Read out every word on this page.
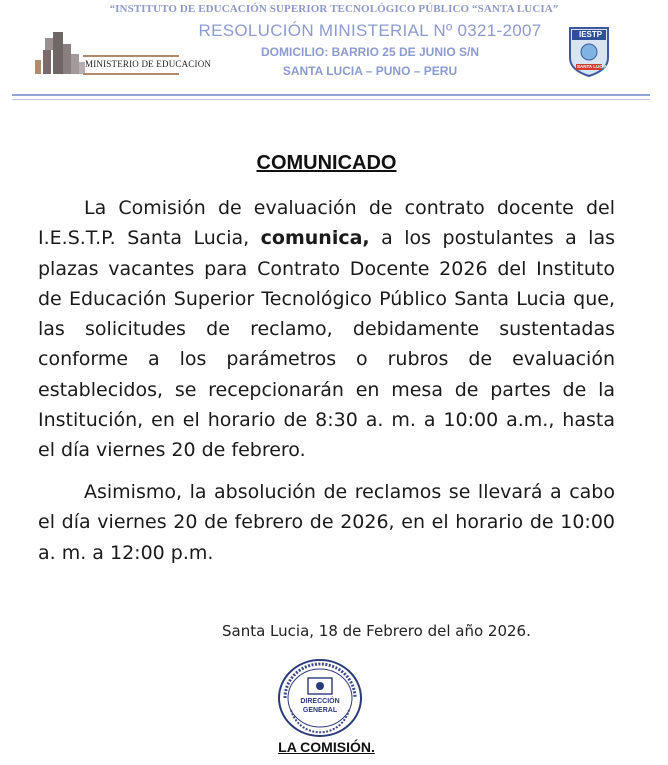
“INSTITUTO DE EDUCACIÓN SUPERIOR TECNOLÓGICO PÚBLICO “SANTA LUCIA”
MINISTERIO DE EDUCACION
RESOLUCIÓN MINISTERIAL Nº 0321-2007
DOMICILIO: BARRIO 25 DE JUNIO S/N
SANTA LUCIA – PUNO – PERU
IESTP
SANTA LUCIA
COMUNICADO
La Comisión de evaluación de contrato docente del I.E.S.T.P. Santa Lucia, comunica, a los postulantes a las plazas vacantes para Contrato Docente 2026 del Instituto de Educación Superior Tecnológico Público Santa Lucia que, las solicitudes de reclamo, debidamente sustentadas conforme a los parámetros o rubros de evaluación establecidos, se recepcionarán en mesa de partes de la Institución, en el horario de 8:30 a. m. a 10:00 a.m., hasta el día viernes 20 de febrero.
Asimismo, la absolución de reclamos se llevará a cabo el día viernes 20 de febrero de 2026, en el horario de 10:00 a. m. a 12:00 p.m.
Santa Lucia, 18 de Febrero del año 2026.
DIRECCIÓN
GENERAL
LA COMISIÓN.
